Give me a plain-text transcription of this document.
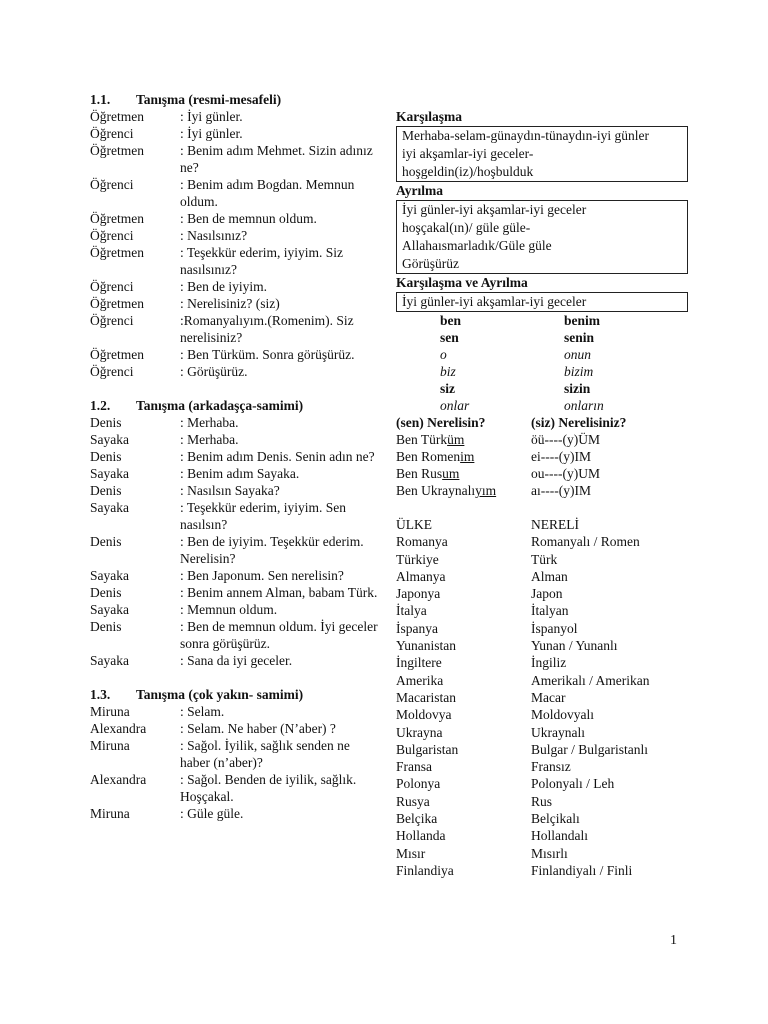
1.1.	Tanışma (resmi-mesafeli)
Öğretmen	: İyi günler.
Öğrenci	: İyi günler.
Öğretmen	: Benim adım Mehmet. Sizin adınız ne?
Öğrenci	: Benim adım Bogdan. Memnun oldum.
Öğretmen	: Ben de memnun oldum.
Öğrenci	: Nasılsınız?
Öğretmen	: Teşekkür ederim, iyiyim. Siz nasılsınız?
Öğrenci	: Ben de iyiyim.
Öğretmen	: Nerelisiniz? (siz)
Öğrenci	:Romanyalıyım.(Romenim). Siz nerelisiniz?
Öğretmen	: Ben Türküm. Sonra görüşürüz.
Öğrenci	: Görüşürüz.
1.2.	Tanışma (arkadaşça-samimi)
Denis	: Merhaba.
Sayaka	: Merhaba.
Denis	: Benim adım Denis. Senin adın ne?
Sayaka	: Benim adım Sayaka.
Denis	: Nasılsın Sayaka?
Sayaka	: Teşekkür ederim, iyiyim. Sen nasılsın?
Denis	: Ben de iyiyim. Teşekkür ederim. Nerelisin?
Sayaka	: Ben Japonum. Sen nerelisin?
Denis	: Benim annem Alman, babam Türk.
Sayaka	: Memnun oldum.
Denis	: Ben de memnun oldum. İyi geceler sonra görüşürüz.
Sayaka	: Sana da iyi geceler.
1.3.	Tanışma (çok yakın- samimi)
Miruna	: Selam.
Alexandra	: Selam. Ne haber (N’aber) ?
Miruna	: Sağol. İyilik, sağlık senden ne haber (n’aber)?
Alexandra	: Sağol. Benden de iyilik, sağlık. Hoşçakal.
Miruna	: Güle güle.
Karşılaşma
Merhaba-selam-günaydın-tünaydın-iyi günler
iyi akşamlar-iyi geceler-
hoşgeldin(iz)/hoşbulduk
Ayrılma
İyi günler-iyi akşamlar-iyi geceler
hoşçakal(ın)/ güle güle-
Allahaısmarladık/Güle güle
Görüşürüz
Karşılaşma ve Ayrılma
İyi günler-iyi akşamlar-iyi geceler
ben	benim
sen	senin
o	onun
biz	bizim
siz	sizin
onlar	onların
(sen) Nerelisin?	(siz) Nerelisiniz?
Ben Türküm	öü----(y)ÜM
Ben Romenim	ei----(y)IM
Ben Rusum	ou----(y)UM
Ben Ukraynalıyım	aı----(y)IM
ÜLKE	NERELİ
Romanya	Romanyalı / Romen
Türkiye	Türk
Almanya	Alman
Japonya	Japon
İtalya	İtalyan
İspanya	İspanyol
Yunanistan	Yunan / Yunanlı
İngiltere	İngiliz
Amerika	Amerikalı / Amerikan
Macaristan	Macar
Moldovya	Moldovyalı
Ukrayna	Ukraynalı
Bulgaristan	Bulgar / Bulgaristanlı
Fransa	Fransız
Polonya	Polonyalı / Leh
Rusya	Rus
Belçika	Belçikalı
Hollanda	Hollandalı
Mısır	Mısırlı
Finlandiya	Finlandiyalı / Finli
1
